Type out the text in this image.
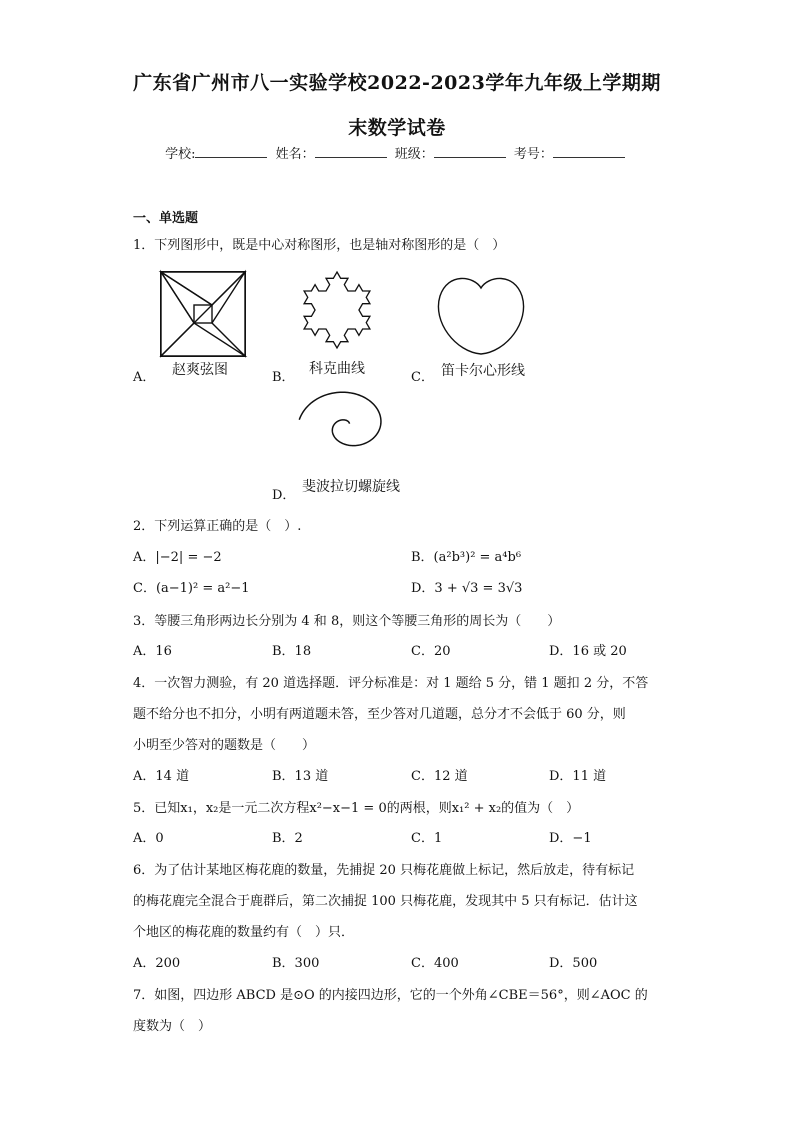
广东省广州市八一实验学校2022-2023学年九年级上学期期
末数学试卷
学校:	姓名：	班级：	考号：
一、单选题
1．下列图形中，既是中心对称图形，也是轴对称图形的是（　）
A． 赵爽弦图	B．
科克曲线
C． 笛卡尔心形线
D．
斐波拉切螺旋线
2．下列运算正确的是（　）.
A．|−2| = −2	B．(a²b³)² = a⁴b⁶
C．(a−1)² = a²−1	D．3 + √3 = 3√3
3．等腰三角形两边长分别为 4 和 8，则这个等腰三角形的周长为（　　）
A．16	B．18	C．20	D．16 或 20
4．一次智力测验，有 20 道选择题．评分标准是：对 1 题给 5 分，错 1 题扣 2 分，不答
题不给分也不扣分，小明有两道题未答，至少答对几道题，总分才不会低于 60 分，则
小明至少答对的题数是（　　）
A．14 道	B．13 道	C．12 道	D．11 道
5．已知x₁，x₂是一元二次方程x²−x−1 = 0的两根，则x₁² + x₂的值为（　）
A．0	B．2	C．1	D．−1
6．为了估计某地区梅花鹿的数量，先捕捉 20 只梅花鹿做上标记，然后放走，待有标记
的梅花鹿完全混合于鹿群后，第二次捕捉 100 只梅花鹿，发现其中 5 只有标记．估计这
个地区的梅花鹿的数量约有（　）只．
A．200	B．300	C．400	D．500
7．如图，四边形 ABCD 是⊙O 的内接四边形，它的一个外角∠CBE＝56°，则∠AOC 的
度数为（　）
